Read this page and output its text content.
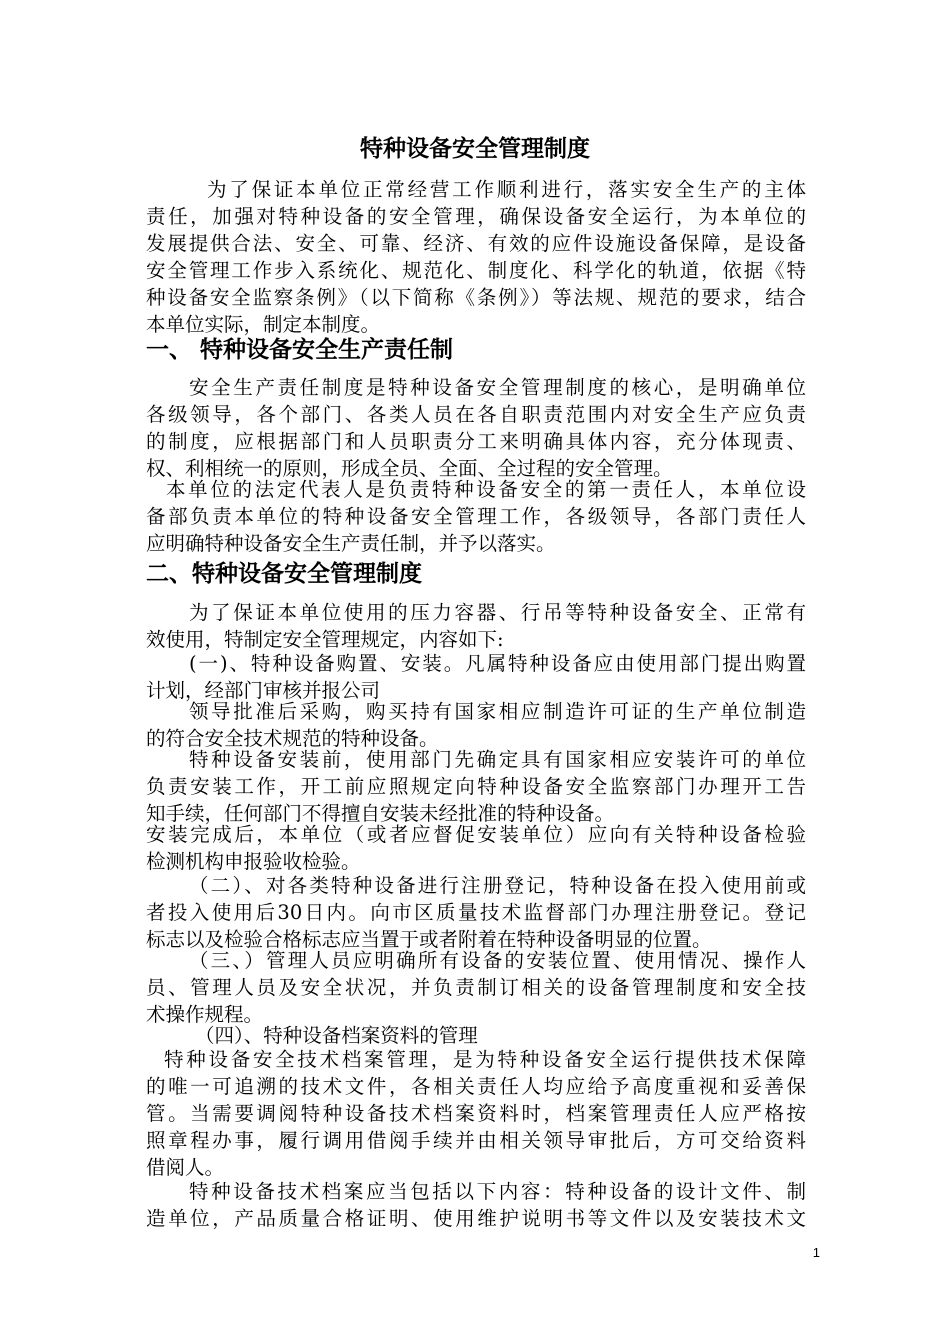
特种设备安全管理制度
为了保证本单位正常经营工作顺利进行，落实安全生产的主体
责任，加强对特种设备的安全管理，确保设备安全运行，为本单位的
发展提供合法、安全、可靠、经济、有效的应件设施设备保障，是设备
安全管理工作步入系统化、规范化、制度化、科学化的轨道，依据《特
种设备安全监察条例》（以下简称《条例》）等法规、规范的要求，结合
本单位实际，制定本制度。
一、 特种设备安全生产责任制
安全生产责任制度是特种设备安全管理制度的核心，是明确单位
各级领导，各个部门、各类人员在各自职责范围内对安全生产应负责
的制度，应根据部门和人员职责分工来明确具体内容，充分体现责、
权、利相统一的原则，形成全员、全面、全过程的安全管理。
本单位的法定代表人是负责特种设备安全的第一责任人，本单位设
备部负责本单位的特种设备安全管理工作，各级领导，各部门责任人
应明确特种设备安全生产责任制，并予以落实。
二、特种设备安全管理制度
为了保证本单位使用的压力容器、行吊等特种设备安全、正常有
效使用，特制定安全管理规定，内容如下:
(一)、特种设备购置、安装。凡属特种设备应由使用部门提出购置
计划，经部门审核并报公司
领导批准后采购，购买持有国家相应制造许可证的生产单位制造
的符合安全技术规范的特种设备。
特种设备安装前，使用部门先确定具有国家相应安装许可的单位
负责安装工作，开工前应照规定向特种设备安全监察部门办理开工告
知手续，任何部门不得擅自安装未经批准的特种设备。
安装完成后，本单位（或者应督促安装单位）应向有关特种设备检验
检测机构申报验收检验。
（二）、对各类特种设备进行注册登记，特种设备在投入使用前或
者投入使用后30日内。向市区质量技术监督部门办理注册登记。登记
标志以及检验合格标志应当置于或者附着在特种设备明显的位置。
（三、）管理人员应明确所有设备的安装位置、使用情况、操作人
员、管理人员及安全状况，并负责制订相关的设备管理制度和安全技
术操作规程。
（四）、特种设备档案资料的管理
特种设备安全技术档案管理，是为特种设备安全运行提供技术保障
的唯一可追溯的技术文件，各相关责任人均应给予高度重视和妥善保
管。当需要调阅特种设备技术档案资料时，档案管理责任人应严格按
照章程办事，履行调用借阅手续并由相关领导审批后，方可交给资料
借阅人。
特种设备技术档案应当包括以下内容：特种设备的设计文件、制
造单位，产品质量合格证明、使用维护说明书等文件以及安装技术文
1
